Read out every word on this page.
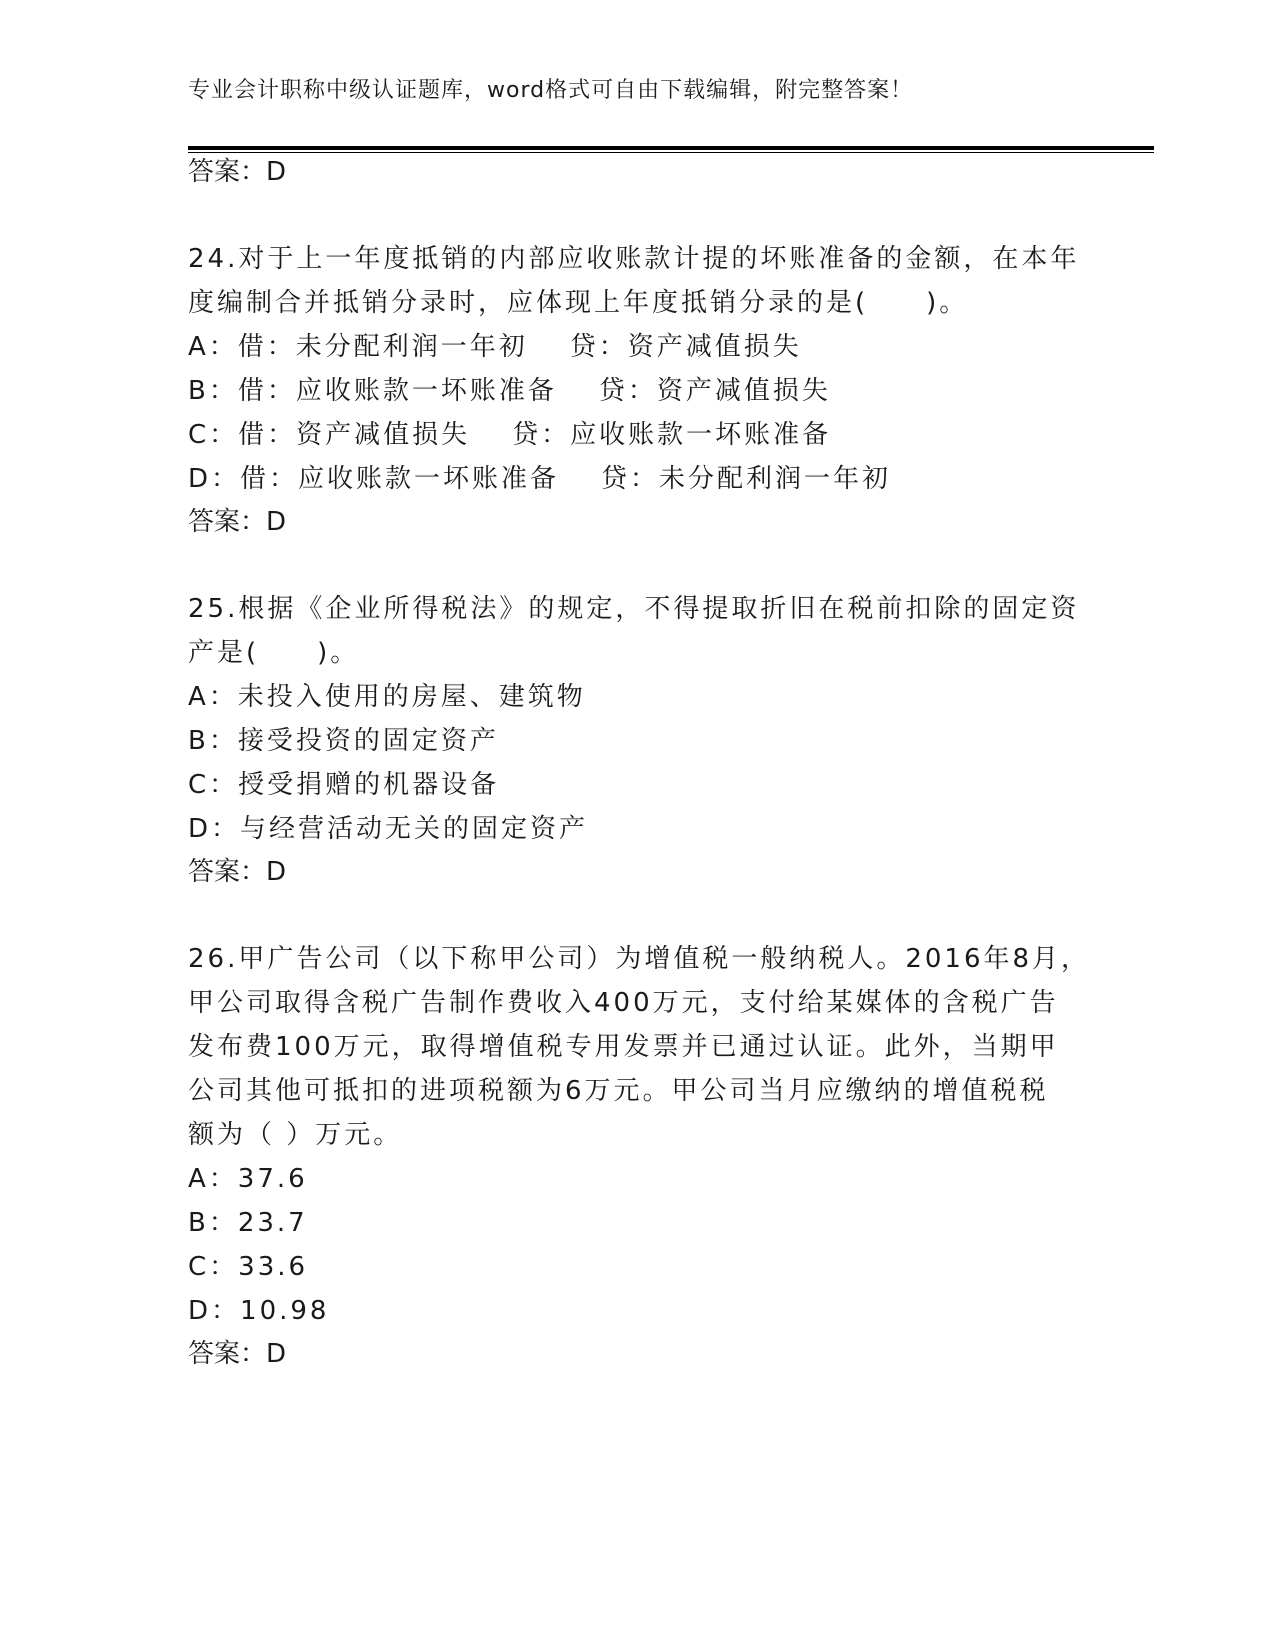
专业会计职称中级认证题库，word格式可自由下载编辑，附完整答案！
答案：D
24.对于上一年度抵销的内部应收账款计提的坏账准备的金额，在本年
度编制合并抵销分录时，应体现上年度抵销分录的是(　　)。
A：借：未分配利润一年初 贷：资产减值损失
B：借：应收账款一坏账准备 贷：资产减值损失
C：借：资产减值损失 贷：应收账款一坏账准备
D：借：应收账款一坏账准备 贷：未分配利润一年初
答案：D
25.根据《企业所得税法》的规定，不得提取折旧在税前扣除的固定资
产是(　　)。
A：未投入使用的房屋、建筑物
B：接受投资的固定资产
C：授受捐赠的机器设备
D：与经营活动无关的固定资产
答案：D
26.甲广告公司（以下称甲公司）为增值税一般纳税人。2016年8月，
甲公司取得含税广告制作费收入400万元，支付给某媒体的含税广告
发布费100万元，取得增值税专用发票并已通过认证。此外，当期甲
公司其他可抵扣的进项税额为6万元。甲公司当月应缴纳的增值税税
额为（ ）万元。
A：37.6
B：23.7
C：33.6
D：10.98
答案：D
